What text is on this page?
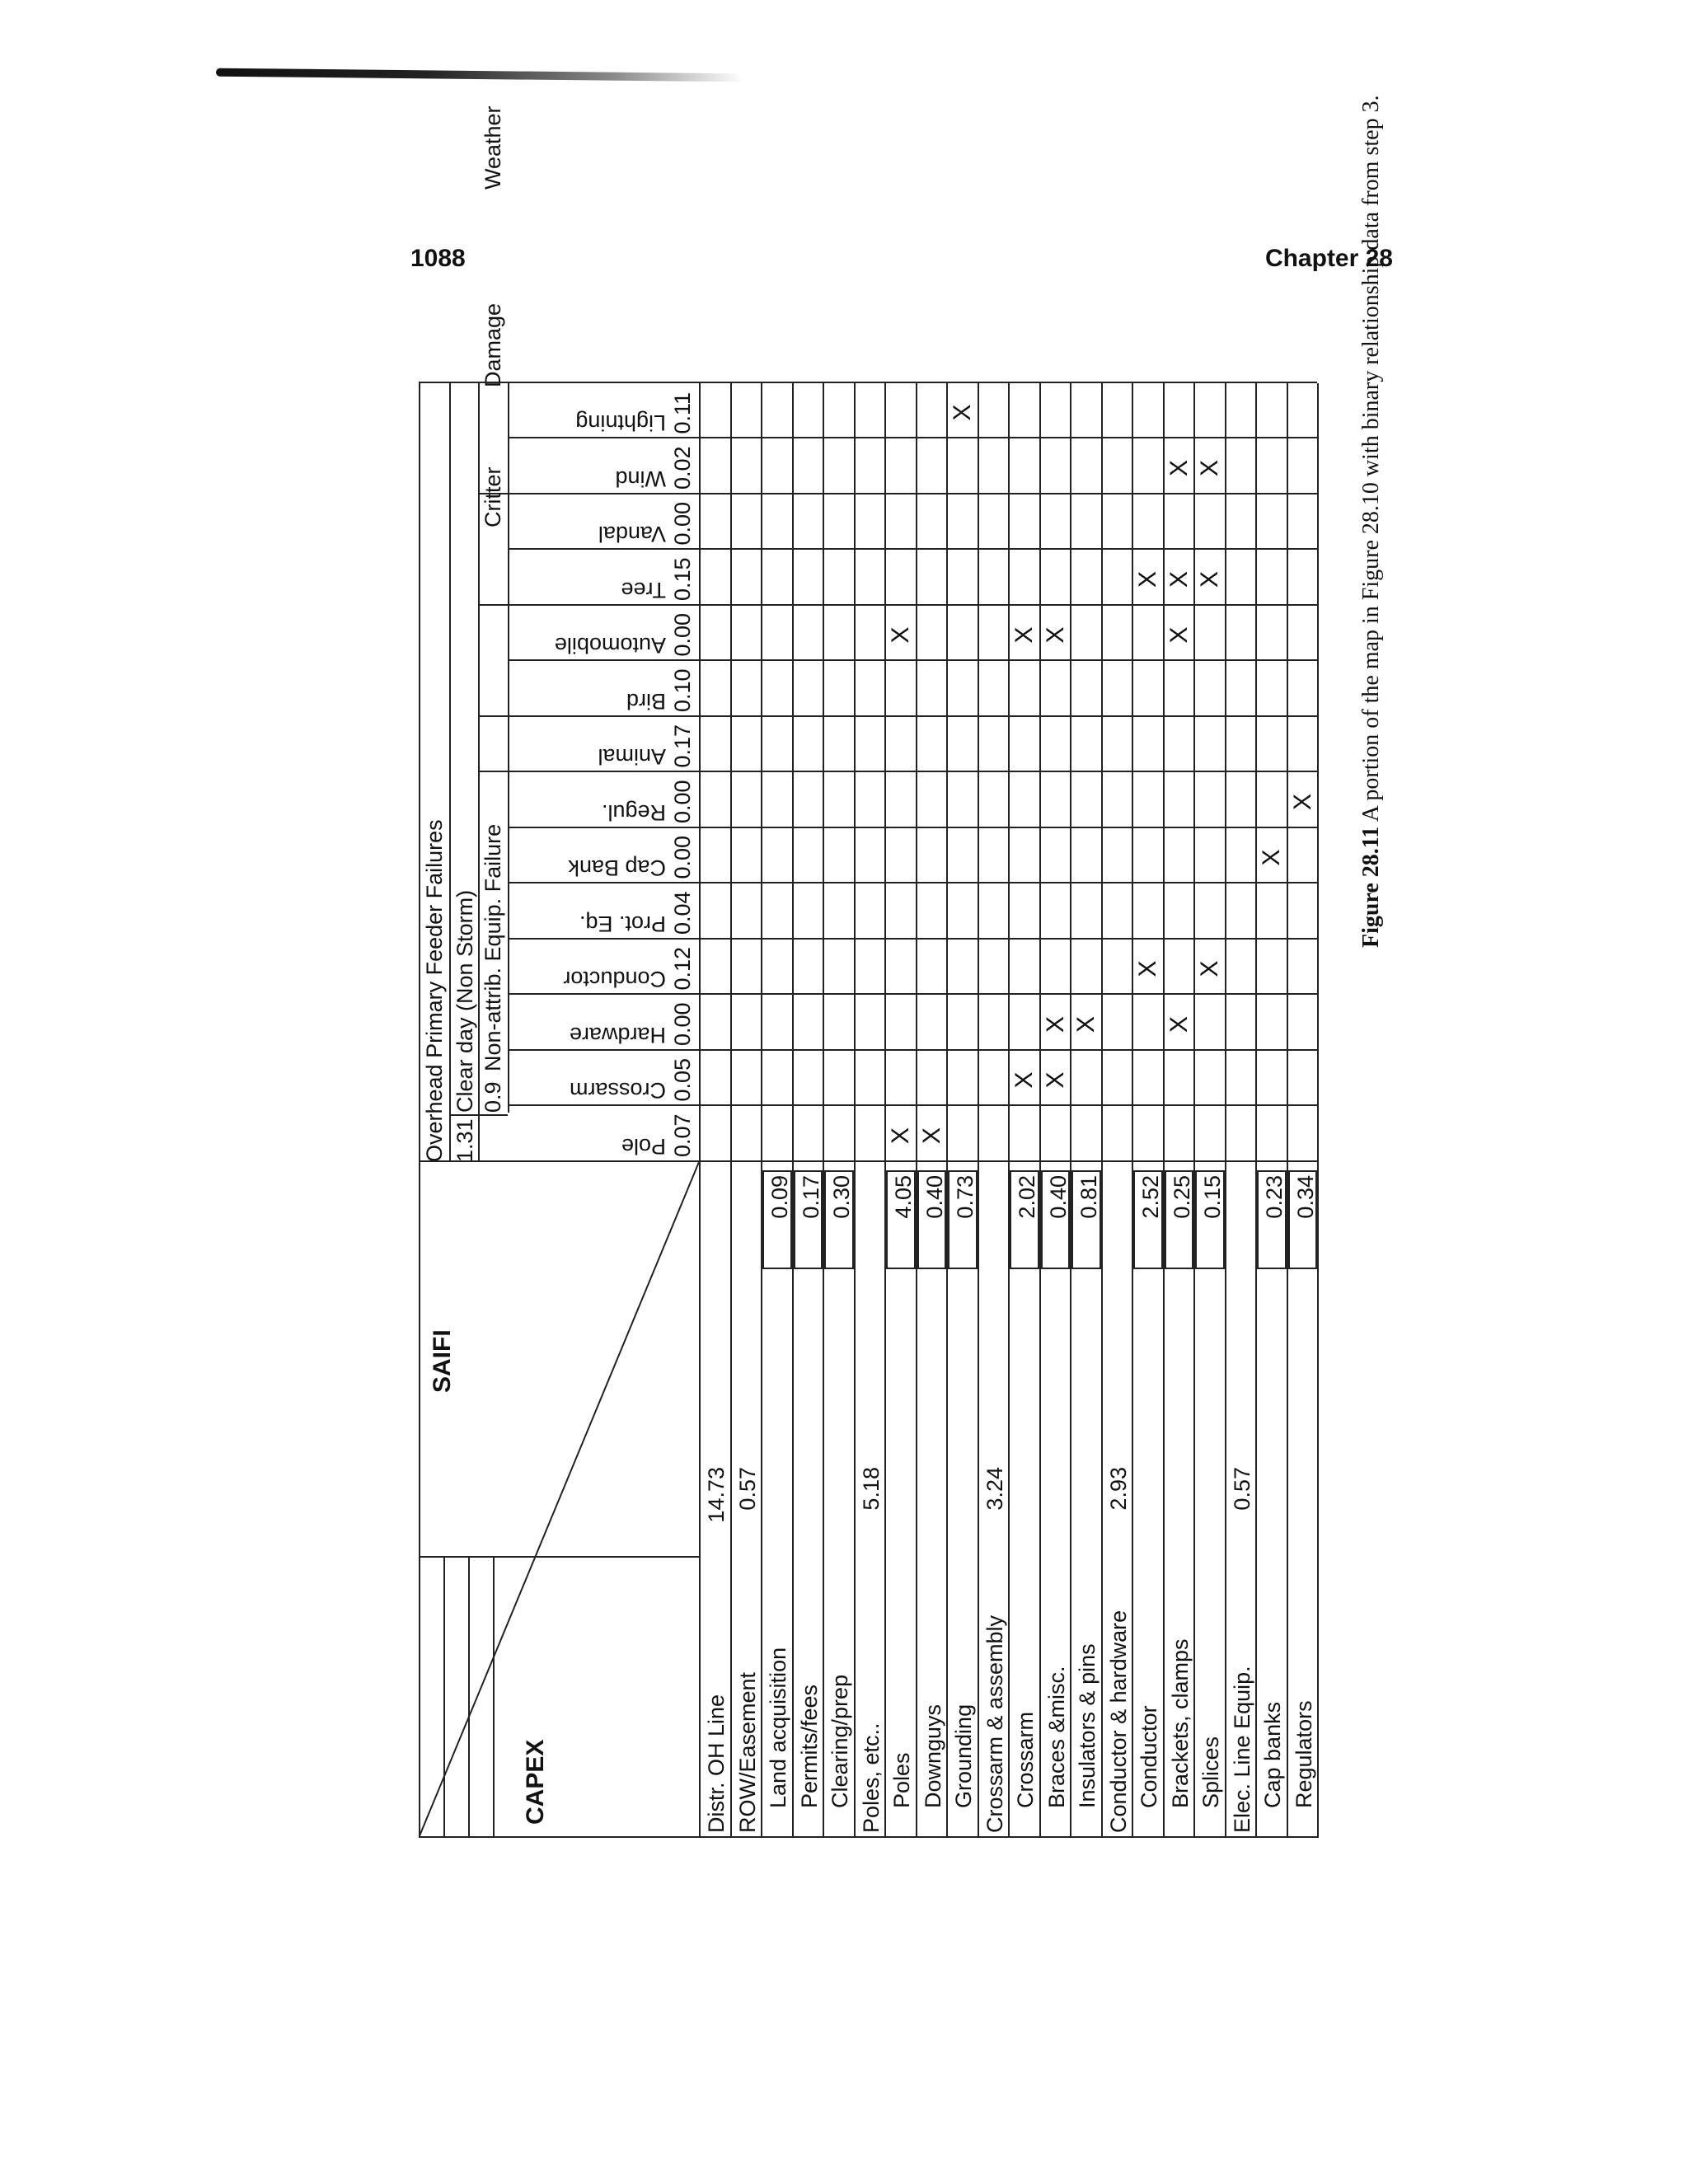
1088	Chapter 28
CAPEX
SAIFI
Overhead Primary Feeder Failures 1.31
Clear day (Non Storm) 0.9
Non-attrib. Equip. Failure
Critter
Damage
Weather
Pole 0.07
Crossarm 0.05
Hardware 0.00
Conductor 0.12
Prot. Eq. 0.04
Cap Bank 0.00
Regul. 0.00
Animal 0.17
Bird 0.10
Automobile 0.00
Tree 0.15
Vandal 0.00
Wind 0.02
Lightning 0.11
Distr. OH Line
14.73
ROW/Easement
0.57
Land acquisition
0.09
Permits/fees
0.17
Clearing/prep
0.30
Poles, etc..
5.18
Poles
4.05
X
X
Downguys
0.40
X
Grounding
0.73
X
Crossarm & assembly
3.24
Crossarm
2.02
X
X
Braces &misc.
0.40
X
X
X
Insulators & pins
0.81
X
Conductor & hardware
2.93
Conductor
2.52
X
X
Brackets, clamps
0.25
X
X
X
X
Splices
0.15
X
X
X
Elec. Line Equip.
0.57
Cap banks
0.23
X
Regulators
0.34
X
Figure 28.11 A portion of the map in Figure 28.10 with binary relationship data from step 3.
